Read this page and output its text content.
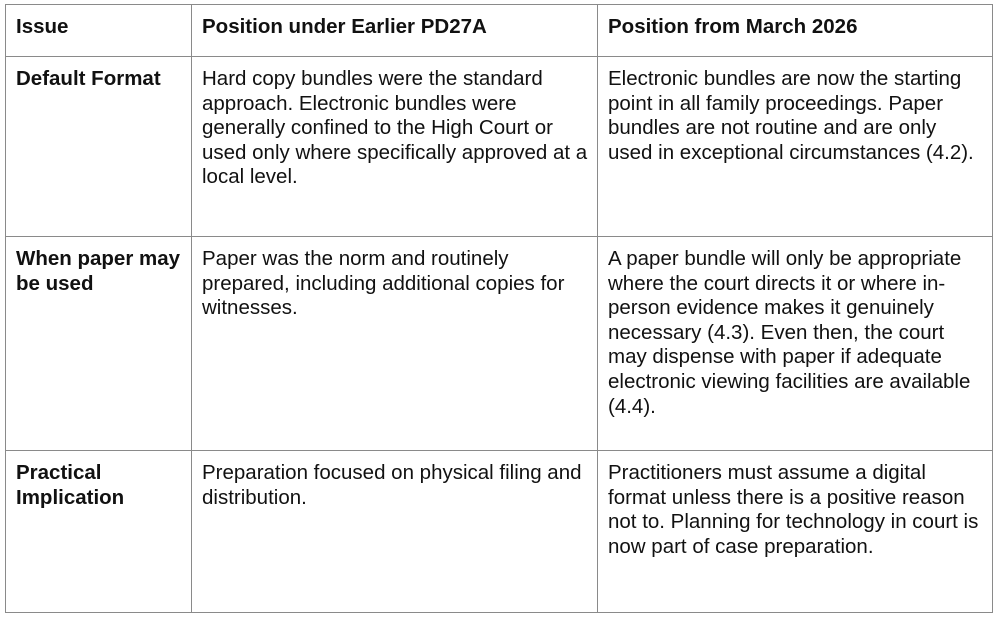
Issue	Position under Earlier PD27A	Position from March 2026
Default Format	Hard copy bundles were the standard approach. Electronic bundles were generally confined to the High Court or used only where specifically approved at a local level.	Electronic bundles are now the starting point in all family proceedings. Paper bundles are not routine and are only used in exceptional circumstances (4.2).
When paper may be used	Paper was the norm and routinely prepared, including additional copies for witnesses.	A paper bundle will only be appropriate where the court directs it or where in-person evidence makes it genuinely necessary (4.3). Even then, the court may dispense with paper if adequate electronic viewing facilities are available (4.4).
Practical Implication	Preparation focused on physical filing and distribution.	Practitioners must assume a digital format unless there is a positive reason not to. Planning for technology in court is now part of case preparation.
